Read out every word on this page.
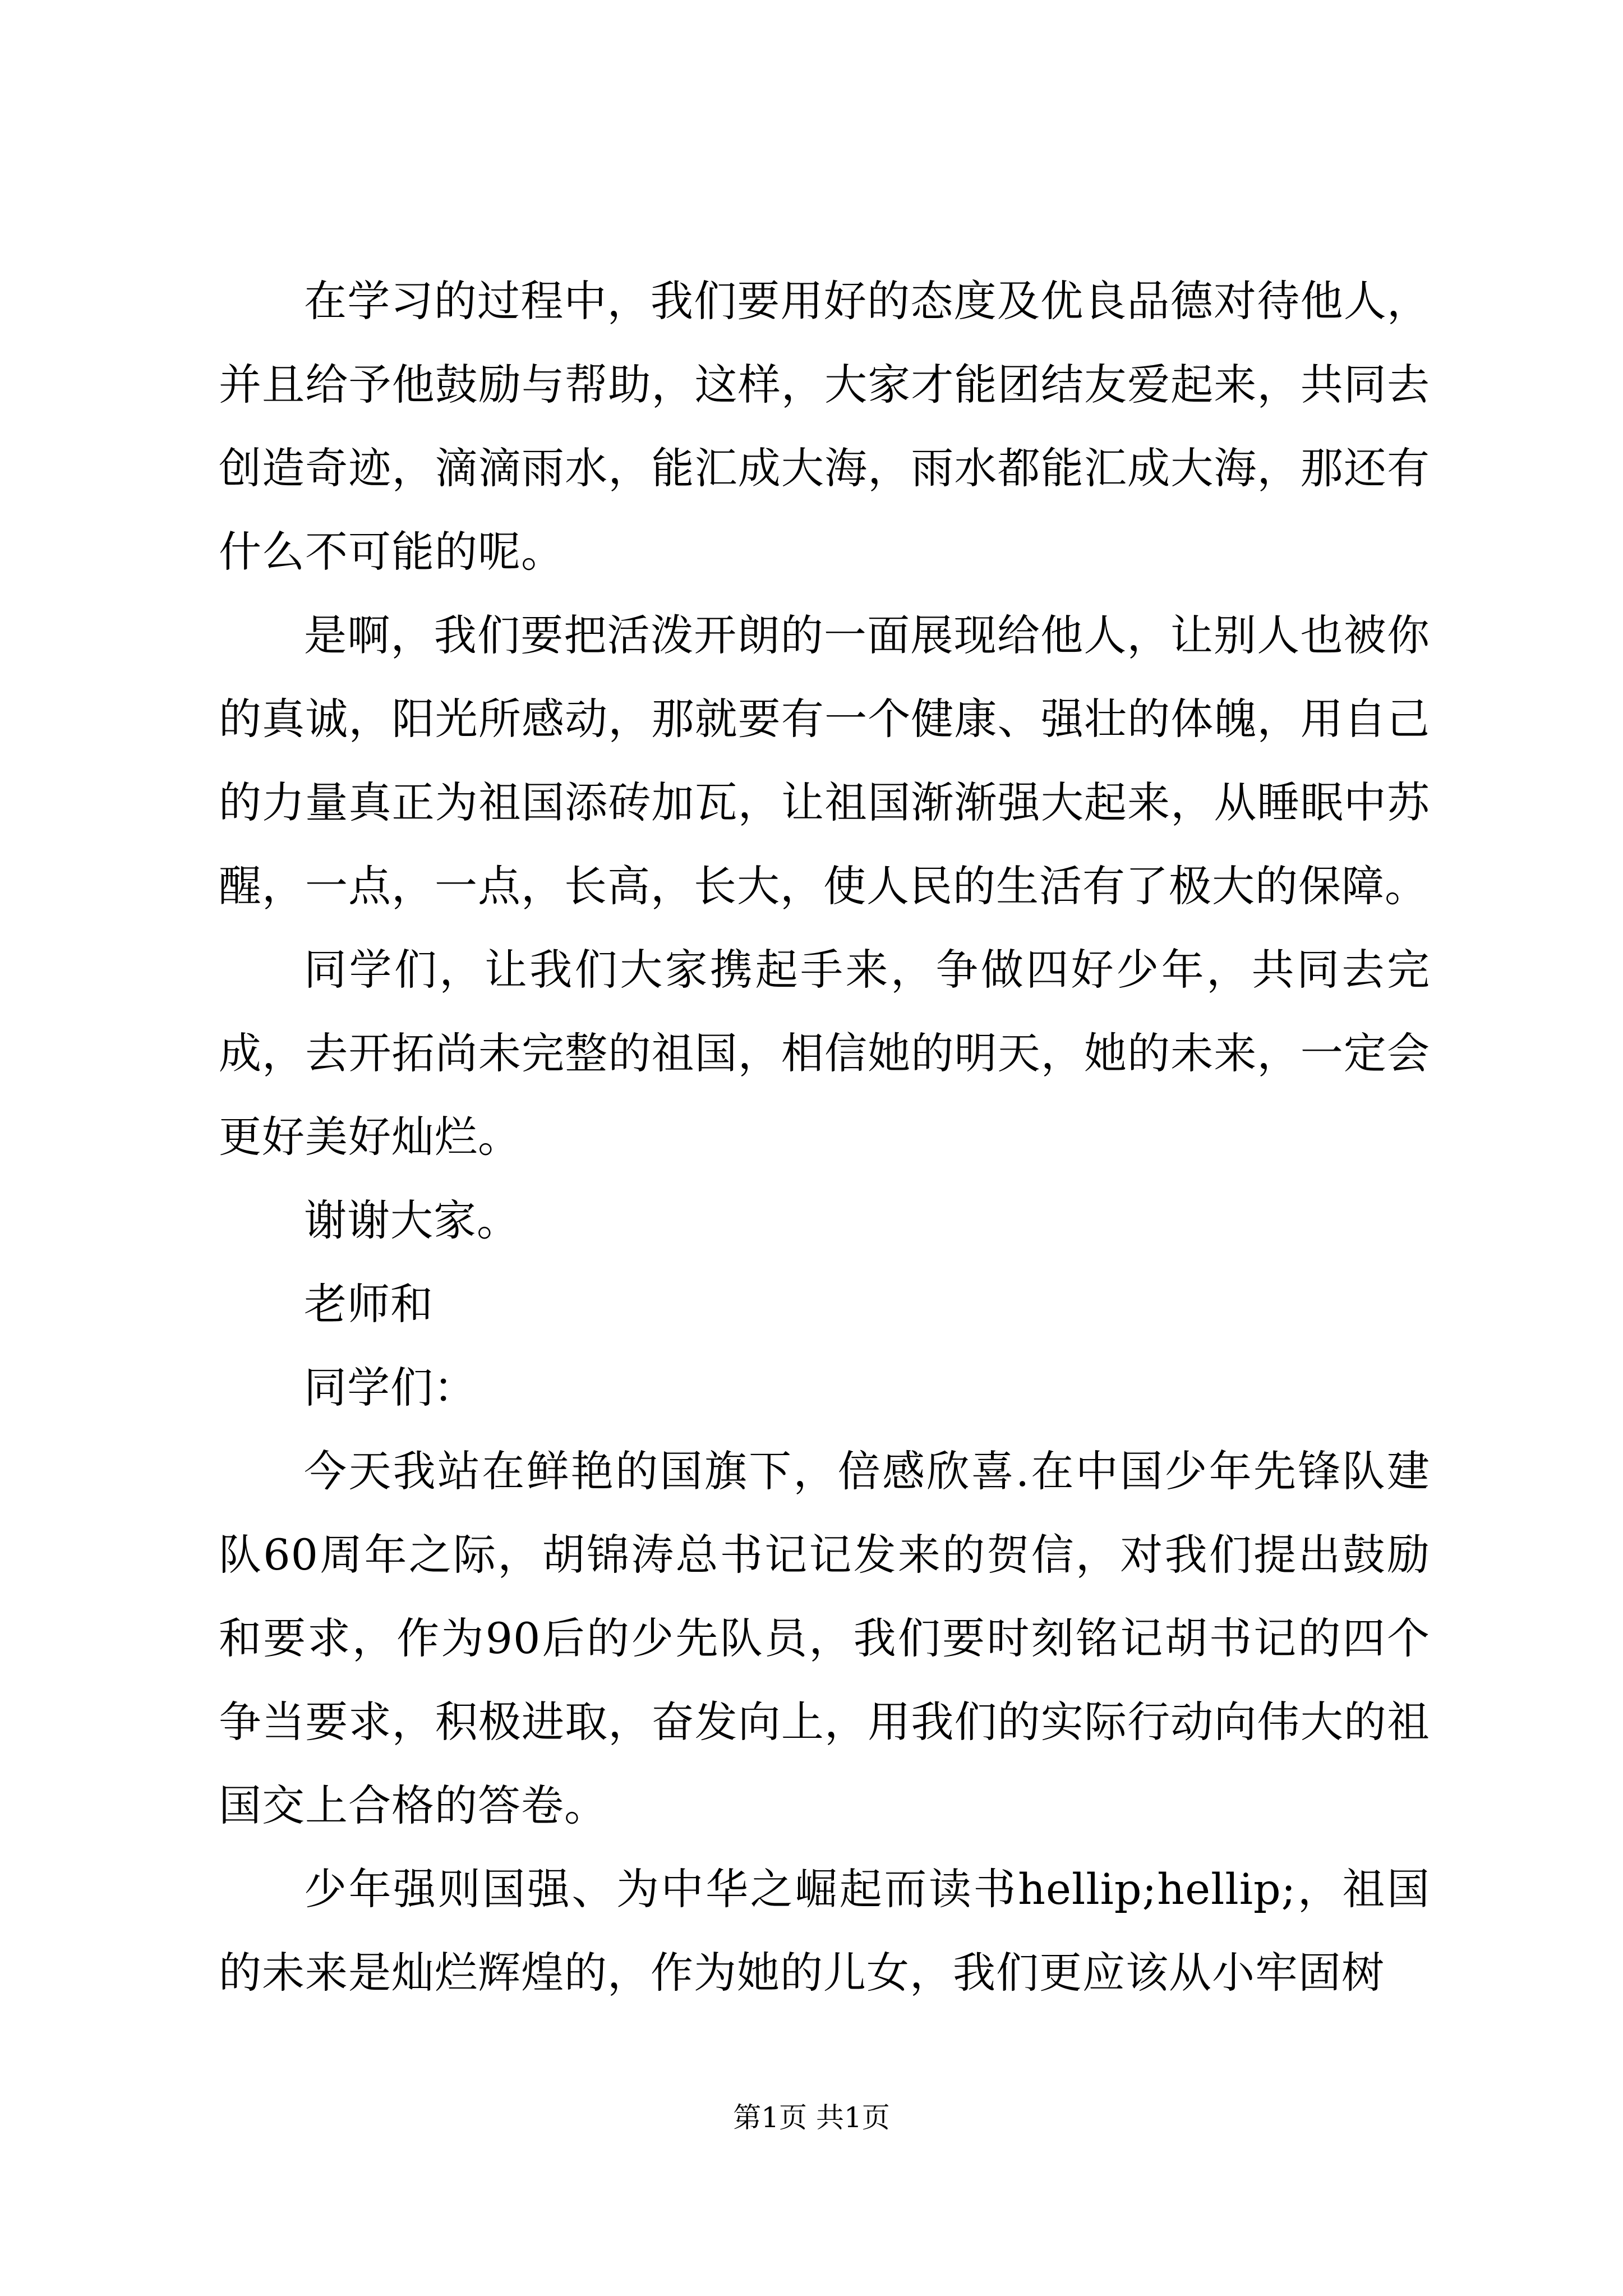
在学习的过程中，我们要用好的态度及优良品德对待他人，并且给予他鼓励与帮助，这样，大家才能团结友爱起来，共同去创造奇迹，滴滴雨水，能汇成大海，雨水都能汇成大海，那还有什么不可能的呢。

是啊，我们要把活泼开朗的一面展现给他人，让别人也被你的真诚，阳光所感动，那就要有一个健康、强壮的体魄，用自己的力量真正为祖国添砖加瓦，让祖国渐渐强大起来，从睡眠中苏醒，一点，一点，长高，长大，使人民的生活有了极大的保障。

同学们，让我们大家携起手来，争做四好少年，共同去完成，去开拓尚未完整的祖国，相信她的明天，她的未来，一定会更好美好灿烂。

谢谢大家。

老师和

同学们：

今天我站在鲜艳的国旗下，倍感欣喜.在中国少年先锋队建队60周年之际，胡锦涛总书记记发来的贺信，对我们提出鼓励和要求，作为90后的少先队员，我们要时刻铭记胡书记的四个争当要求，积极进取，奋发向上，用我们的实际行动向伟大的祖国交上合格的答卷。

少年强则国强、为中华之崛起而读书hellip;hellip;，祖国的未来是灿烂辉煌的，作为她的儿女，我们更应该从小牢固树

第1页 共1页
